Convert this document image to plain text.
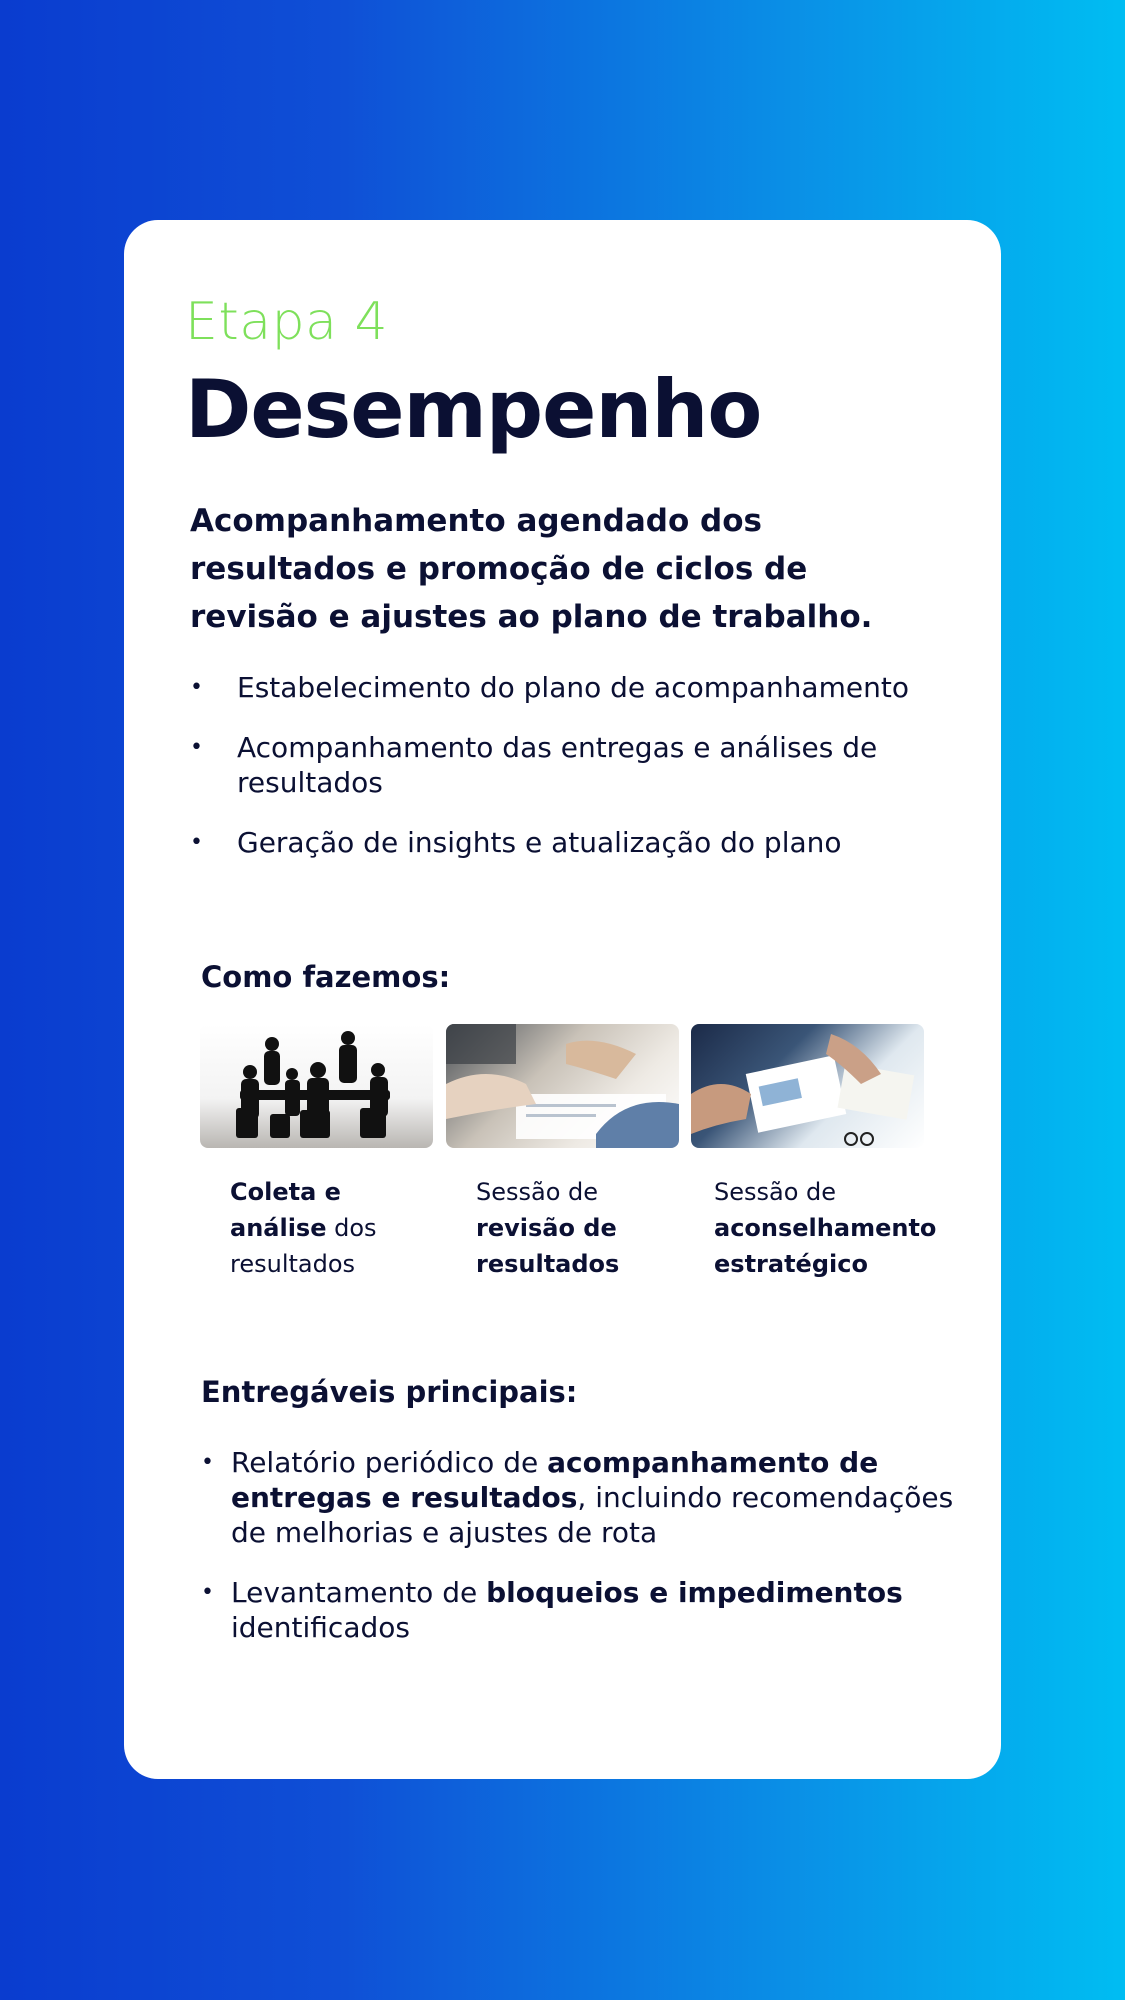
Etapa 4
Desempenho
Acompanhamento agendado dos resultados e promoção de ciclos de revisão e ajustes ao plano de trabalho.
• Estabelecimento do plano de acompanhamento
• Acompanhamento das entregas e análises de resultados
• Geração de insights e atualização do plano
Como fazemos:
Coleta e
análise dos resultados
Sessão de
revisão de
resultados
Sessão de
aconselhamento
estratégico
Entregáveis principais:
• Relatório periódico de acompanhamento de entregas e resultados, incluindo recomendações de melhorias e ajustes de rota
• Levantamento de bloqueios e impedimentos identificados
